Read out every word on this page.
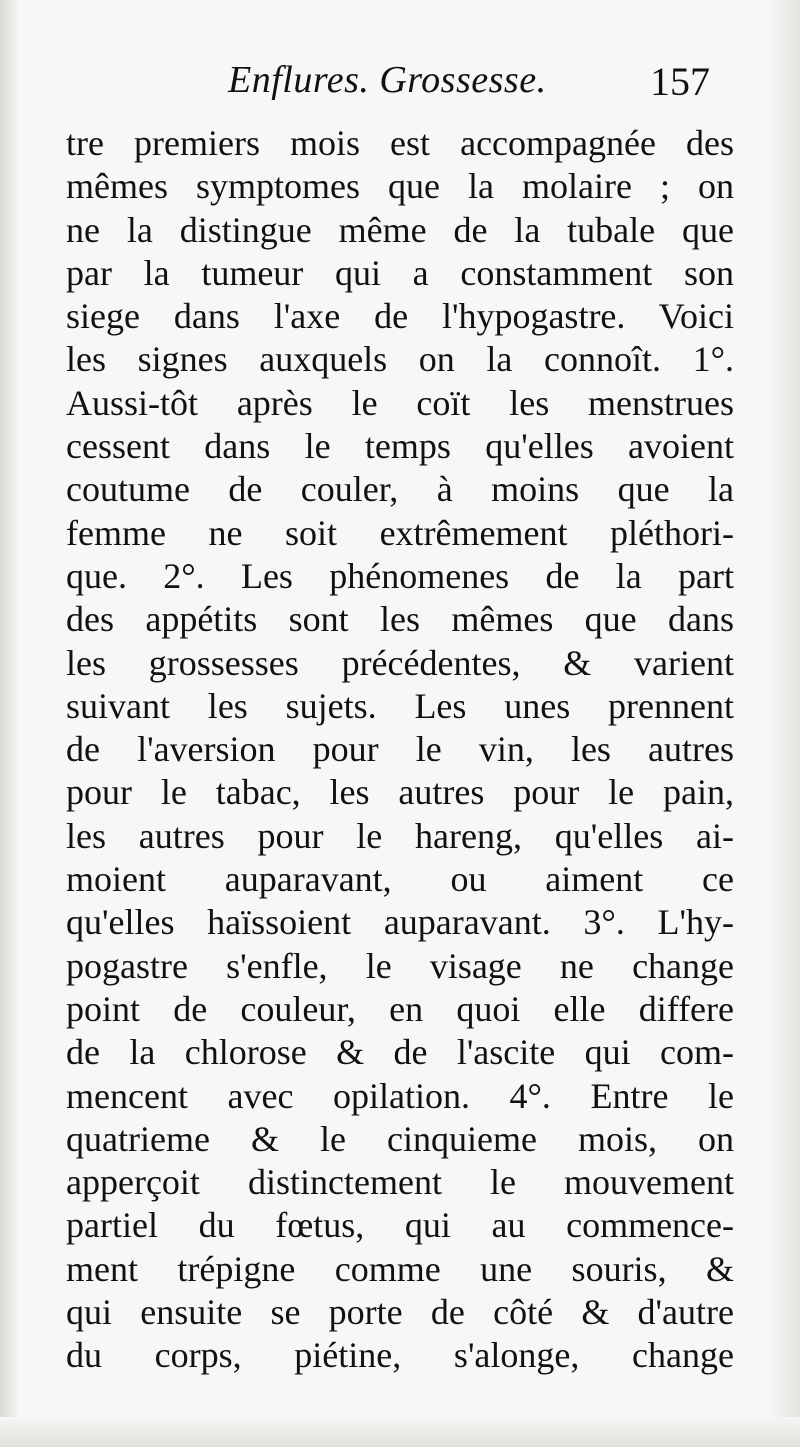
Enflures. Grossesse.	157
tre premiers mois est accompagnée des
mêmes symptomes que la molaire ; on
ne la distingue même de la tubale que
par la tumeur qui a constamment son
siege dans l'axe de l'hypogastre. Voici
les signes auxquels on la connoît. 1°.
Aussi-tôt après le coït les menstrues
cessent dans le temps qu'elles avoient
coutume de couler, à moins que la
femme ne soit extrêmement pléthori-
que. 2°. Les phénomenes de la part
des appétits sont les mêmes que dans
les grossesses précédentes, & varient
suivant les sujets. Les unes prennent
de l'aversion pour le vin, les autres
pour le tabac, les autres pour le pain,
les autres pour le hareng, qu'elles ai-
moient auparavant, ou aiment ce
qu'elles haïssoient auparavant. 3°. L'hy-
pogastre s'enfle, le visage ne change
point de couleur, en quoi elle differe
de la chlorose & de l'ascite qui com-
mencent avec opilation. 4°. Entre le
quatrieme & le cinquieme mois, on
apperçoit distinctement le mouvement
partiel du fœtus, qui au commence-
ment trépigne comme une souris, &
qui ensuite se porte de côté & d'autre
du corps, piétine, s'alonge, change
